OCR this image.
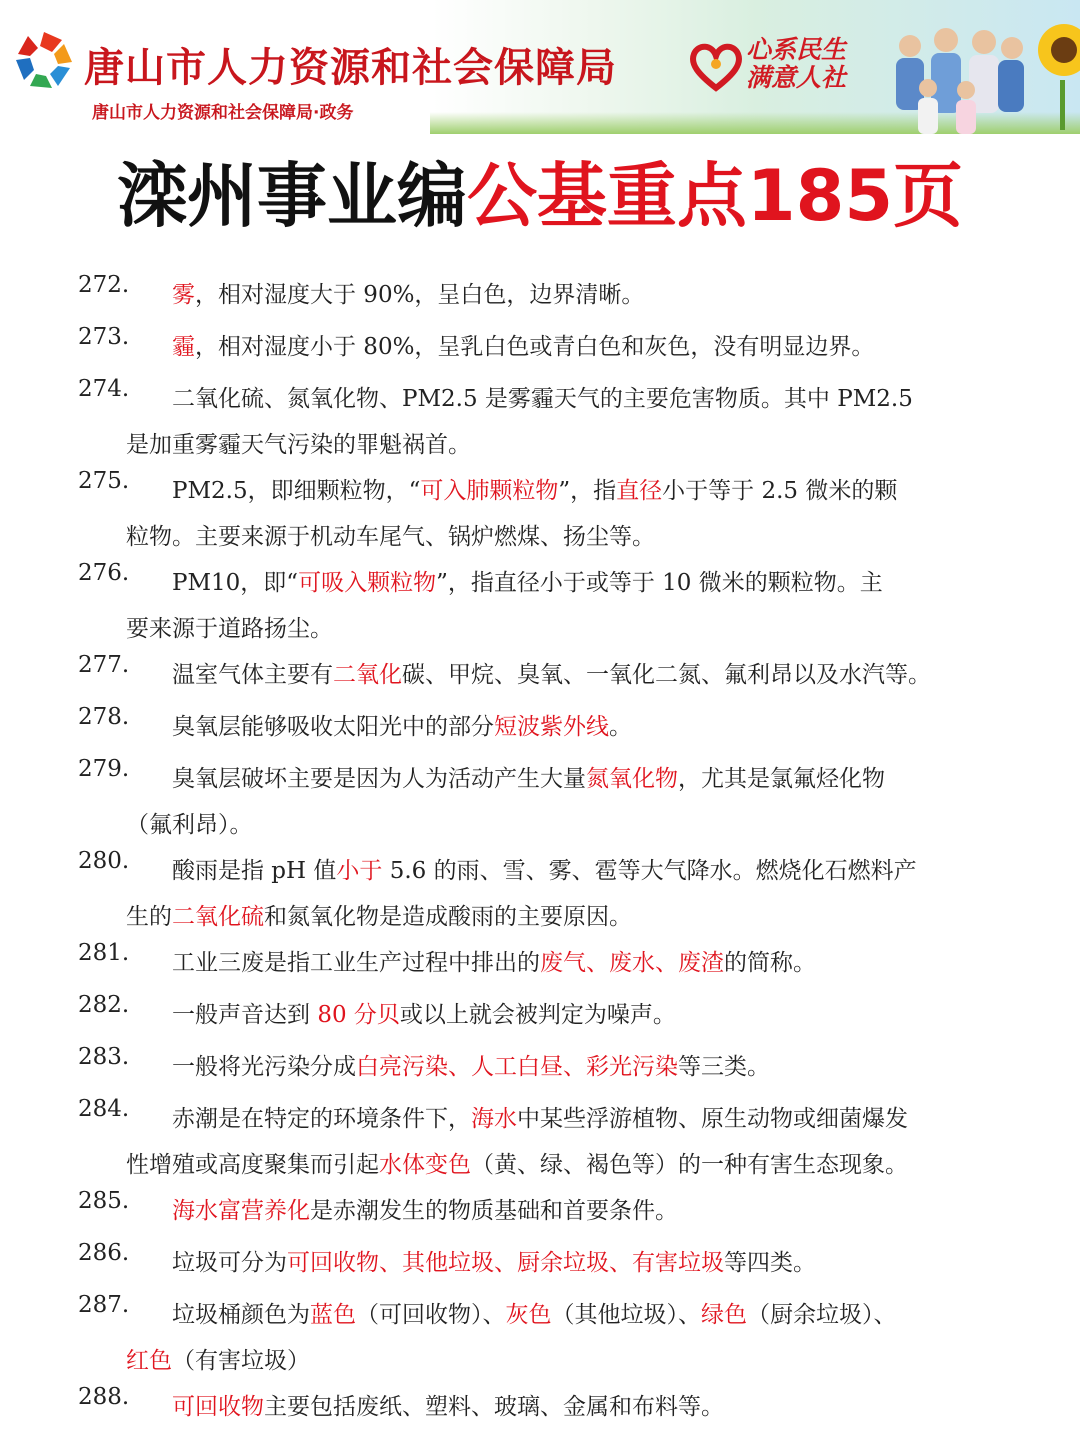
唐山市人力资源和社会保障局
唐山市人力资源和社会保障局·政务
心系民生
满意人社
滦州事业编公基重点185页
272.	雾，相对湿度大于 90%，呈白色，边界清晰。
273.	霾，相对湿度小于 80%，呈乳白色或青白色和灰色，没有明显边界。
274.	二氧化硫、氮氧化物、PM2.5 是雾霾天气的主要危害物质。其中 PM2.5
是加重雾霾天气污染的罪魁祸首。
275.	PM2.5，即细颗粒物，“可入肺颗粒物”，指直径小于等于 2.5 微米的颗
粒物。主要来源于机动车尾气、锅炉燃煤、扬尘等。
276.	PM10，即“可吸入颗粒物”，指直径小于或等于 10 微米的颗粒物。主
要来源于道路扬尘。
277.	温室气体主要有二氧化碳、甲烷、臭氧、一氧化二氮、氟利昂以及水汽等。
278.	臭氧层能够吸收太阳光中的部分短波紫外线。
279.	臭氧层破坏主要是因为人为活动产生大量氮氧化物，尤其是氯氟烃化物
（氟利昂）。
280.	酸雨是指 pH 值小于 5.6 的雨、雪、雾、雹等大气降水。燃烧化石燃料产
生的二氧化硫和氮氧化物是造成酸雨的主要原因。
281.	工业三废是指工业生产过程中排出的废气、废水、废渣的简称。
282.	一般声音达到 80 分贝或以上就会被判定为噪声。
283.	一般将光污染分成白亮污染、人工白昼、彩光污染等三类。
284.	赤潮是在特定的环境条件下，海水中某些浮游植物、原生动物或细菌爆发
性增殖或高度聚集而引起水体变色（黄、绿、褐色等）的一种有害生态现象。
285.	海水富营养化是赤潮发生的物质基础和首要条件。
286.	垃圾可分为可回收物、其他垃圾、厨余垃圾、有害垃圾等四类。
287.	垃圾桶颜色为蓝色（可回收物）、灰色（其他垃圾）、绿色（厨余垃圾）、
红色（有害垃圾）
288.	可回收物主要包括废纸、塑料、玻璃、金属和布料等。
